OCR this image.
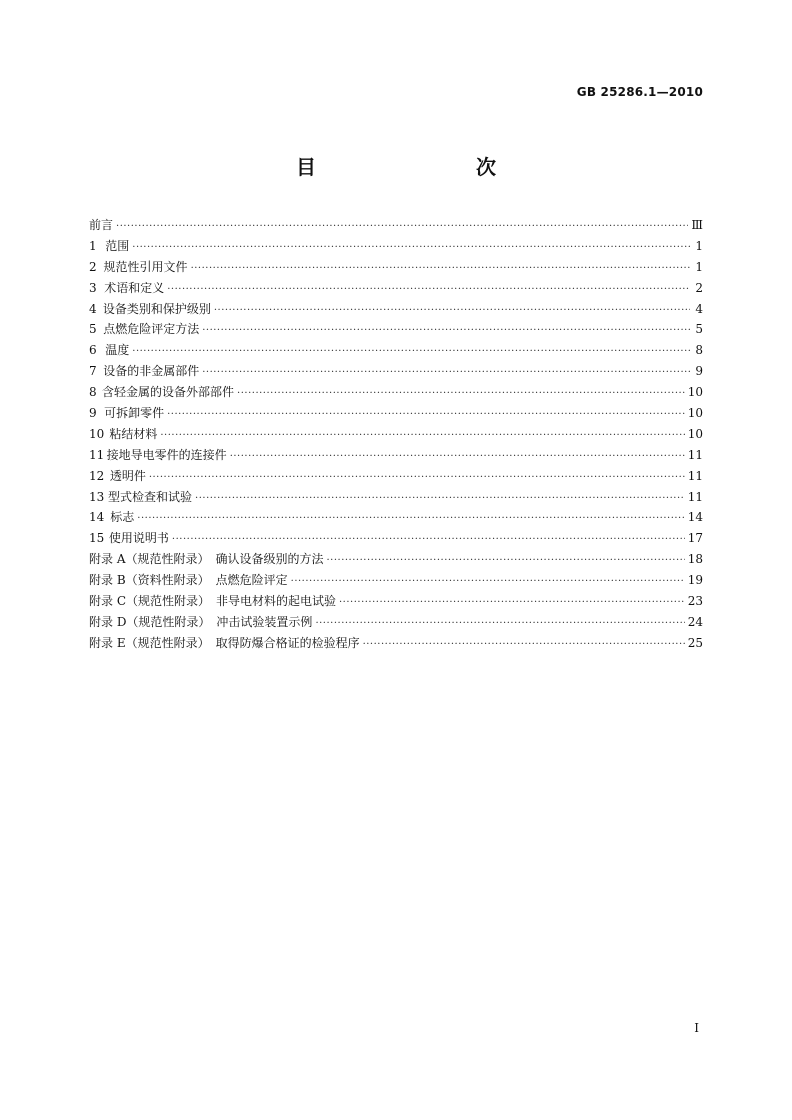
GB 25286.1—2010
目　　次
前言 ·····	Ⅲ
1 范围 ·····	1
2 规范性引用文件 ·····	1
3 术语和定义 ·····	2
4 设备类别和保护级别 ·····	4
5 点燃危险评定方法 ·····	5
6 温度 ·····	8
7 设备的非金属部件 ·····	9
8 含轻金属的设备外部部件 ·····	10
9 可拆卸零件 ·····	10
10 粘结材料 ·····	10
11 接地导电零件的连接件 ·····	11
12 透明件 ·····	11
13 型式检查和试验 ·····	11
14 标志 ·····	14
15 使用说明书 ·····	17
附录 A（规范性附录）　确认设备级别的方法 ·····	18
附录 B（资料性附录）　点燃危险评定 ·····	19
附录 C（规范性附录）　非导电材料的起电试验 ·····	23
附录 D（规范性附录）　冲击试验装置示例 ·····	24
附录 E（规范性附录）　取得防爆合格证的检验程序 ·····	25
I
